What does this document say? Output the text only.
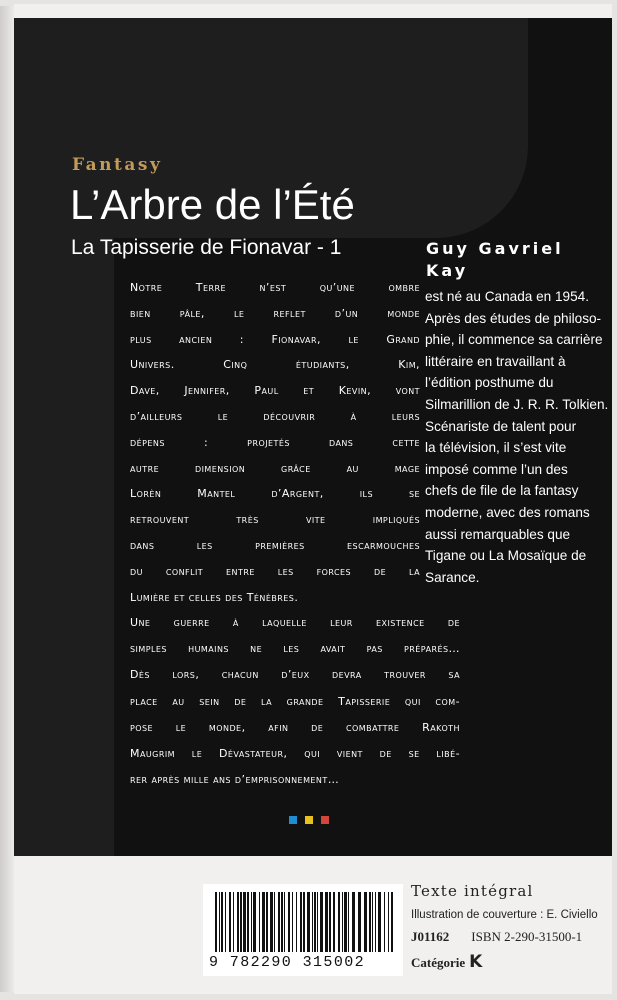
Fantasy

L’Arbre de l’Été

La Tapisserie de Fionavar - 1	Guy Gavriel Kay

est né au Canada en 1954.
Après des études de philoso-
phie, il commence sa carrière
littéraire en travaillant à
l’édition posthume du
Silmarillion de J. R. R. Tolkien.
Scénariste de talent pour
la télévision, il s’est vite
imposé comme l’un des
chefs de file de la fantasy
moderne, avec des romans
aussi remarquables que
Tigane ou La Mosaïque de
Sarance.
Notre Terre n’est qu’une ombre
bien pâle, le reflet d’un monde
plus ancien : Fionavar, le Grand
Univers. Cinq étudiants, Kim,
Dave, Jennifer, Paul et Kevin, vont
d’ailleurs le découvrir à leurs
dépens : projetés dans cette
autre dimension grâce au mage
Lorèn Mantel d’Argent, ils se
retrouvent très vite impliqués
dans les premières escarmouches
du conflit entre les forces de la
Lumière et celles des Ténèbres.
Une guerre à laquelle leur existence de
simples humains ne les avait pas préparés…
Dès lors, chacun d’eux devra trouver sa
place au sein de la grande Tapisserie qui com-
pose le monde, afin de combattre Rakoth
Maugrim le Dévastateur, qui vient de se libé-
rer après mille ans d’emprisonnement…

9 782290 315002

Texte intégral

Illustration de couverture : E. Civiello

J01162 ISBN 2-290-31500-1

Catégorie K
